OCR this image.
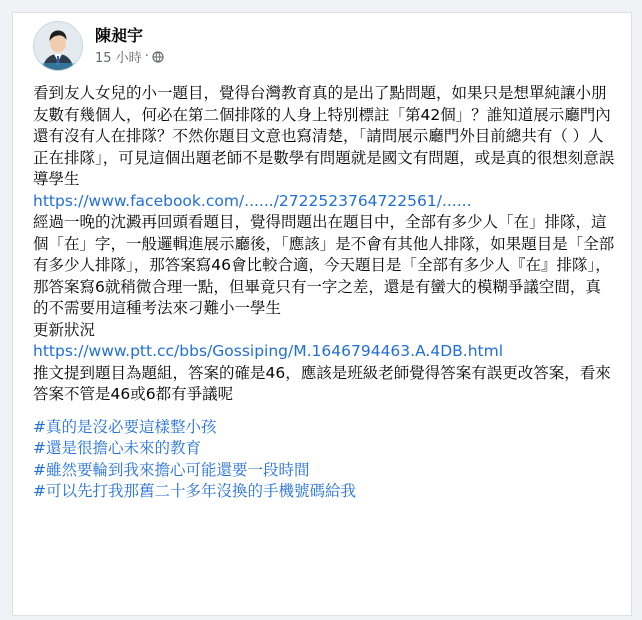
陳昶宇
15 小時 ·

看到友人女兒的小一題目，覺得台灣教育真的是出了點問題，如果只是想單純讓小朋友數有幾個人，何必在第二個排隊的人身上特別標註「第42個」？誰知道展示廳門內還有沒有人在排隊？不然你題目文意也寫清楚，「請問展示廳門外目前總共有（ ）人正在排隊」，可見這個出題老師不是數學有問題就是國文有問題，或是真的很想刻意誤導學生

https://www.facebook.com/....../2722523764722561/......

經過一晚的沈澱再回頭看題目，覺得問題出在題目中，全部有多少人「在」排隊，這個「在」字，一般邏輯進展示廳後，「應該」是不會有其他人排隊，如果題目是「全部有多少人排隊」，那答案寫46會比較合適，今天題目是「全部有多少人『在』排隊」，那答案寫6就稍微合理一點，但畢竟只有一字之差，還是有蠻大的模糊爭議空間，真的不需要用這種考法來刁難小一學生

更新狀況

https://www.ptt.cc/bbs/Gossiping/M.1646794463.A.4DB.html

推文提到題目為題組，答案的確是46，應該是班級老師覺得答案有誤更改答案，看來答案不管是46或6都有爭議呢

#真的是沒必要這樣整小孩
#還是很擔心未來的教育
#雖然要輪到我來擔心可能還要一段時間
#可以先打我那舊二十多年沒換的手機號碼給我
